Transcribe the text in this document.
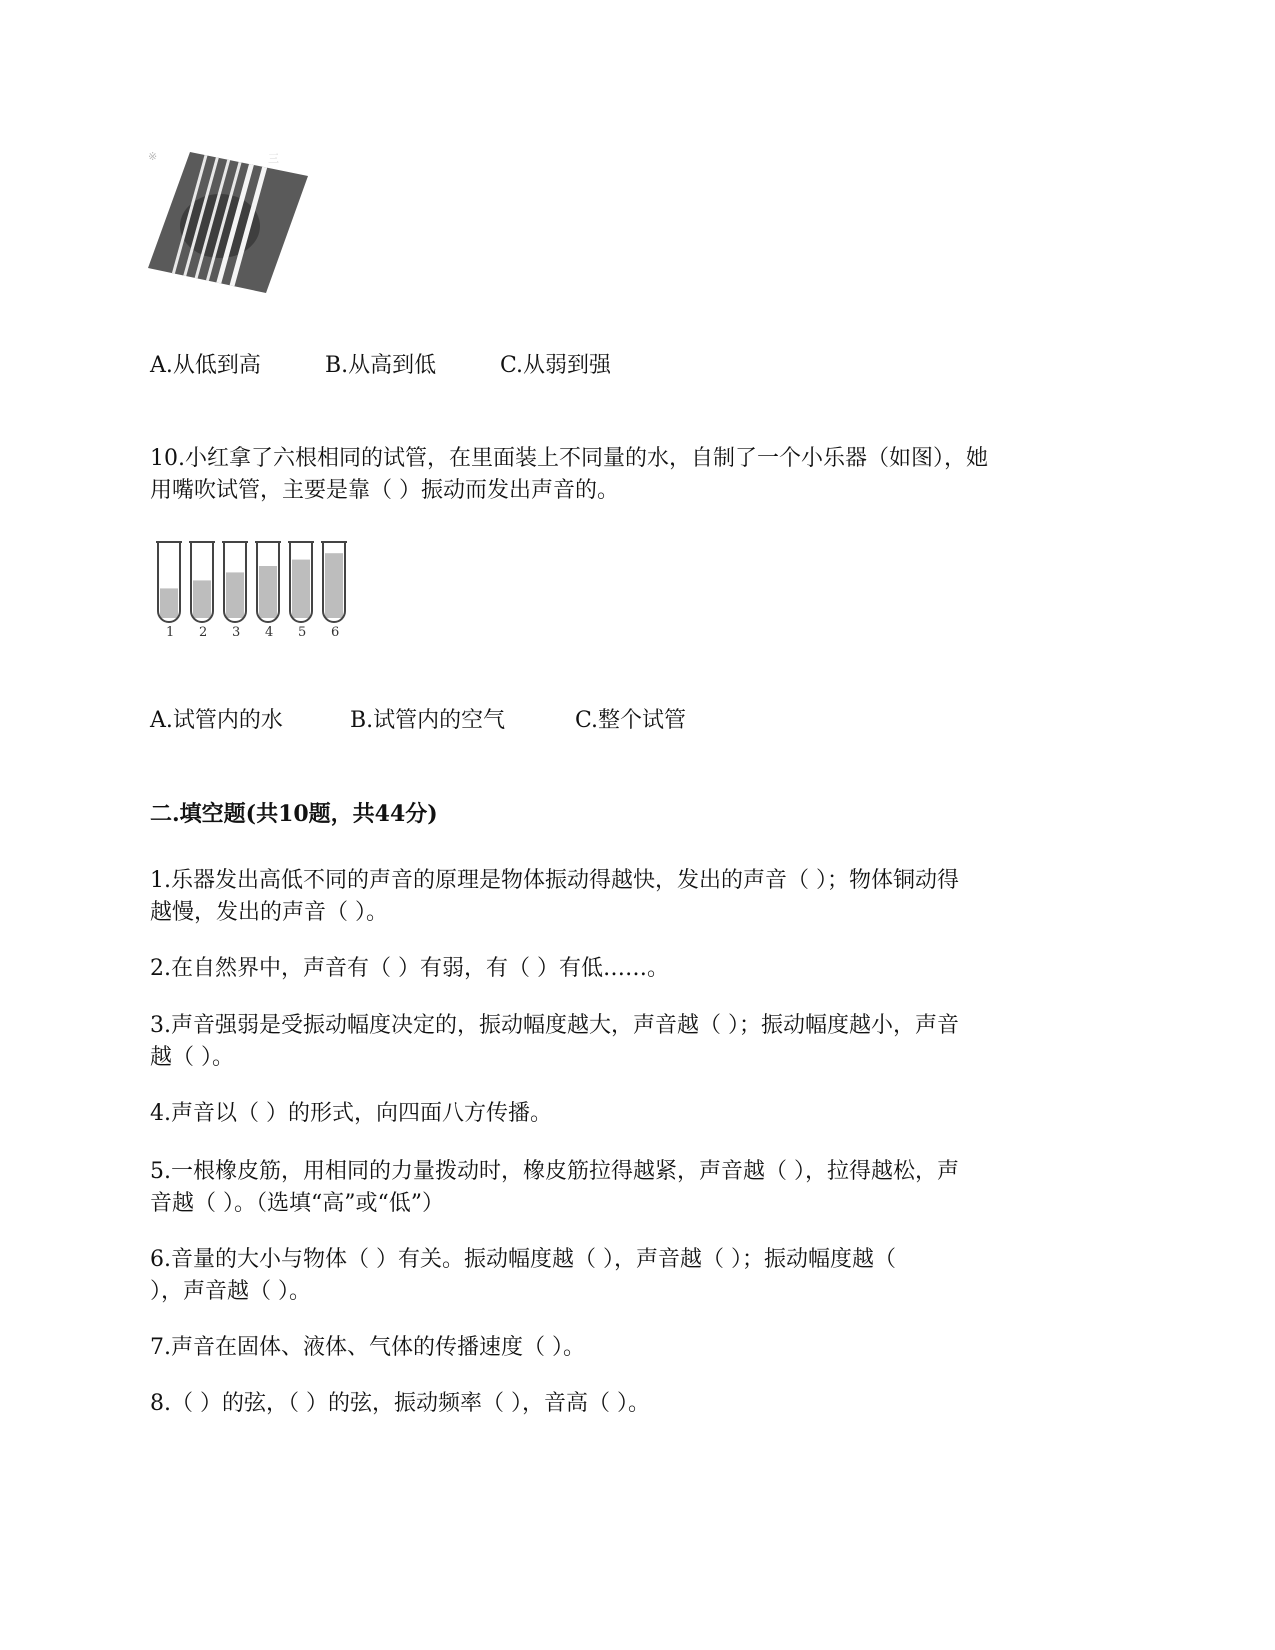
※	三
A.从低到高	B.从高到低	C.从弱到强
10.小红拿了六根相同的试管，在里面装上不同量的水，自制了一个小乐器（如图），她
用嘴吹试管，主要是靠（ ）振动而发出声音的。
1 2 3 4 5 6
A.试管内的水	B.试管内的空气	C.整个试管
二.填空题(共10题，共44分)
1.乐器发出高低不同的声音的原理是物体振动得越快，发出的声音（ ）；物体铜动得
越慢，发出的声音（ ）。
2.在自然界中，声音有（ ）有弱，有（ ）有低……。
3.声音强弱是受振动幅度决定的，振动幅度越大，声音越（ ）；振动幅度越小，声音
越（ ）。
4.声音以（ ）的形式，向四面八方传播。
5.一根橡皮筋，用相同的力量拨动时，橡皮筋拉得越紧，声音越（ ），拉得越松，声
音越（ ）。（选填“高”或“低”）
6.音量的大小与物体（ ）有关。振动幅度越（ ），声音越（ ）；振动幅度越（
），声音越（ ）。
7.声音在固体、液体、气体的传播速度（ ）。
8.（ ）的弦，（ ）的弦，振动频率（ ），音高（ ）。
